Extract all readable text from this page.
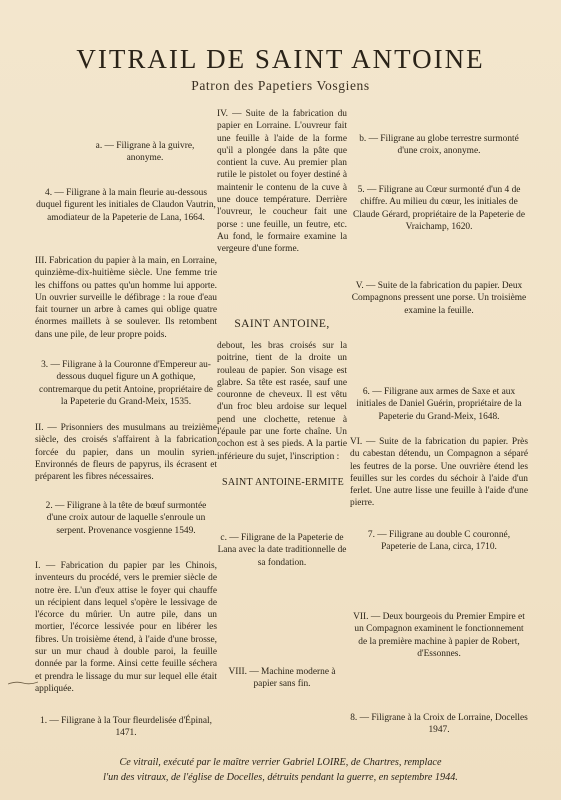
VITRAIL DE SAINT ANTOINE
Patron des Papetiers Vosgiens

a. — Filigrane à la guivre,

anonyme.

4. — Filigrane à la main fleurie au-dessous duquel figurent les initiales de Claudon Vautrin, amodiateur de la Papeterie de Lana, 1664.
III. Fabrication du papier à la main, en Lorraine, quinzième-dix-huitième siècle. Une femme trie les chiffons ou pattes qu'un homme lui apporte. Un ouvrier surveille le défibrage : la roue d'eau fait tourner un arbre à cames qui oblige quatre énormes maillets à se soulever. Ils retombent dans une pile, de leur propre poids.
3. — Filigrane à la Couronne d'Empereur au-dessous duquel figure un A gothique, contremarque du petit Antoine, propriétaire de la Papeterie du Grand-Meix, 1535.
II. — Prisonniers des musulmans au treizième siècle, des croisés s'affairent à la fabrication forcée du papier, dans un moulin syrien. Environnés de fleurs de papyrus, ils écrasent et préparent les fibres nécessaires.
2. — Filigrane à la tête de bœuf surmontée d'une croix autour de laquelle s'enroule un serpent. Provenance vosgienne 1549.
I. — Fabrication du papier par les Chinois, inventeurs du procédé, vers le premier siècle de notre ère. L'un d'eux attise le foyer qui chauffe un récipient dans lequel s'opère le lessivage de l'écorce du mûrier. Un autre pile, dans un mortier, l'écorce lessivée pour en libérer les fibres. Un troisième étend, à l'aide d'une brosse, sur un mur chaud à double paroi, la feuille donnée par la forme. Ainsi cette feuille séchera et prendra le lissage du mur sur lequel elle était appliquée.
1. — Filigrane à la Tour fleurdelisée d'Épinal, 1471.
IV. — Suite de la fabrication du papier en Lorraine. L'ouvreur fait une feuille à l'aide de la forme qu'il a plongée dans la pâte que contient la cuve. Au premier plan rutile le pistolet ou foyer destiné à maintenir le contenu de la cuve à une douce température. Derrière l'ouvreur, le coucheur fait une porse : une feuille, un feutre, etc. Au fond, le formaire examine la vergeure d'une forme.
SAINT ANTOINE,
debout, les bras croisés sur la poitrine, tient de la droite un rouleau de papier. Son visage est glabre. Sa tête est rasée, sauf une couronne de cheveux. Il est vêtu d'un froc bleu ardoise sur lequel pend une clochette, retenue à l'épaule par une forte chaîne. Un cochon est à ses pieds. A la partie inférieure du sujet, l'inscription :
SAINT ANTOINE-ERMITE
c. — Filigrane de la Papeterie de Lana avec la date traditionnelle de sa fondation.
VIII. — Machine moderne à papier sans fin.
b. — Filigrane au globe terrestre surmonté d'une croix, anonyme.
5. — Filigrane au Cœur surmonté d'un 4 de chiffre. Au milieu du cœur, les initiales de Claude Gérard, propriétaire de la Papeterie de Vraichamp, 1620.
V. — Suite de la fabrication du papier. Deux Compagnons pressent une porse. Un troisième examine la feuille.
6. — Filigrane aux armes de Saxe et aux initiales de Daniel Guérin, propriétaire de la Papeterie du Grand-Meix, 1648.
VI. — Suite de la fabrication du papier. Près du cabestan détendu, un Compagnon a séparé les feutres de la porse. Une ouvrière étend les feuilles sur les cordes du séchoir à l'aide d'un ferlet. Une autre lisse une feuille à l'aide d'une pierre.
7. — Filigrane au double C couronné, Papeterie de Lana, circa, 1710.
VII. — Deux bourgeois du Premier Empire et un Compagnon examinent le fonctionnement de la première machine à papier de Robert, d'Essonnes.
8. — Filigrane à la Croix de Lorraine, Docelles 1947.
Ce vitrail, exécuté par le maître verrier Gabriel LOIRE, de Chartres, remplace
l'un des vitraux, de l'église de Docelles, détruits pendant la guerre, en septembre 1944.
